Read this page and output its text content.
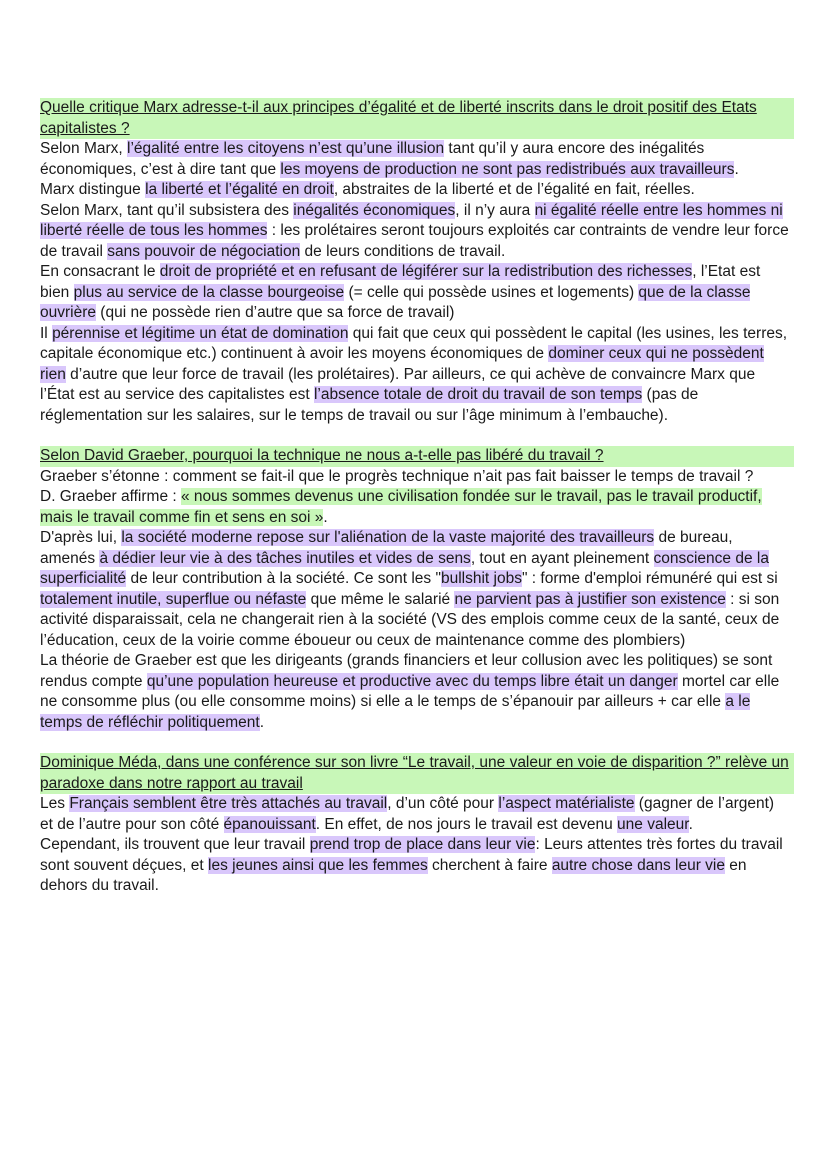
Quelle critique Marx adresse-t-il aux principes d’égalité et de liberté inscrits dans le droit positif des Etats capitalistes ?

Selon Marx, l’égalité entre les citoyens n’est qu’une illusion tant qu’il y aura encore des inégalités économiques, c’est à dire tant que les moyens de production ne sont pas redistribués aux travailleurs.

Marx distingue la liberté et l’égalité en droit, abstraites de la liberté et de l’égalité en fait, réelles.

Selon Marx, tant qu’il subsistera des inégalités économiques, il n’y aura ni égalité réelle entre les hommes ni liberté réelle de tous les hommes : les prolétaires seront toujours exploités car contraints de vendre leur force de travail sans pouvoir de négociation de leurs conditions de travail.

En consacrant le droit de propriété et en refusant de légiférer sur la redistribution des richesses, l’Etat est bien plus au service de la classe bourgeoise (= celle qui possède usines et logements) que de la classe ouvrière (qui ne possède rien d’autre que sa force de travail)

Il pérennise et légitime un état de domination qui fait que ceux qui possèdent le capital (les usines, les terres, capitale économique etc.) continuent à avoir les moyens économiques de dominer ceux qui ne possèdent rien d’autre que leur force de travail (les prolétaires). Par ailleurs, ce qui achève de convaincre Marx que l’État est au service des capitalistes est l’absence totale de droit du travail de son temps (pas de réglementation sur les salaires, sur le temps de travail ou sur l’âge minimum à l’embauche).

Selon David Graeber, pourquoi la technique ne nous a-t-elle pas libéré du travail ?

Graeber s’étonne : comment se fait-il que le progrès technique n’ait pas fait baisser le temps de travail ?

D. Graeber affirme : « nous sommes devenus une civilisation fondée sur le travail, pas le travail productif, mais le travail comme fin et sens en soi ».

D'après lui, la société moderne repose sur l'aliénation de la vaste majorité des travailleurs de bureau, amenés à dédier leur vie à des tâches inutiles et vides de sens, tout en ayant pleinement conscience de la superficialité de leur contribution à la société. Ce sont les "bullshit jobs" : forme d'emploi rémunéré qui est si totalement inutile, superflue ou néfaste que même le salarié ne parvient pas à justifier son existence : si son activité disparaissait, cela ne changerait rien à la société (VS des emplois comme ceux de la santé, ceux de l’éducation, ceux de la voirie comme éboueur ou ceux de maintenance comme des plombiers)

La théorie de Graeber est que les dirigeants (grands financiers et leur collusion avec les politiques) se sont rendus compte qu’une population heureuse et productive avec du temps libre était un danger mortel car elle ne consomme plus (ou elle consomme moins) si elle a le temps de s’épanouir par ailleurs + car elle a le temps de réfléchir politiquement.

Dominique Méda, dans une conférence sur son livre “Le travail, une valeur en voie de disparition ?” relève un paradoxe dans notre rapport au travail

Les Français semblent être très attachés au travail, d’un côté pour l’aspect matérialiste (gagner de l’argent) et de l’autre pour son côté épanouissant. En effet, de nos jours le travail est devenu une valeur.

Cependant, ils trouvent que leur travail prend trop de place dans leur vie: Leurs attentes très fortes du travail sont souvent déçues, et les jeunes ainsi que les femmes cherchent à faire autre chose dans leur vie en dehors du travail.
